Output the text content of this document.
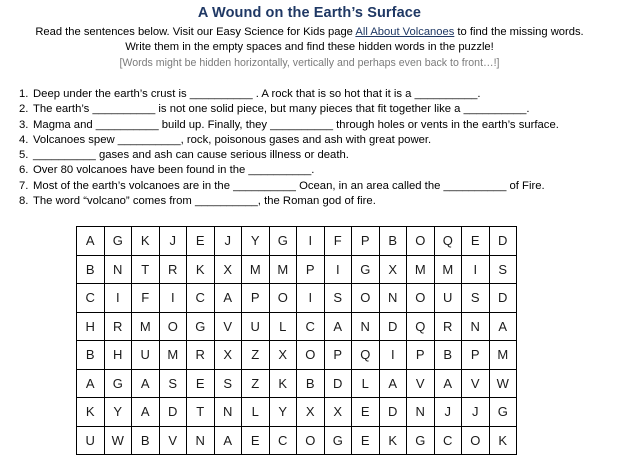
A Wound on the Earth’s Surface
Read the sentences below. Visit our Easy Science for Kids page All About Volcanoes to find the missing words.
Write them in the empty spaces and find these hidden words in the puzzle!
[Words might be hidden horizontally, vertically and perhaps even back to front…!]
1. Deep under the earth’s crust is __________ . A rock that is so hot that it is a __________.
2. The earth’s __________ is not one solid piece, but many pieces that fit together like a __________.
3. Magma and __________ build up. Finally, they __________ through holes or vents in the earth’s surface.
4. Volcanoes spew __________, rock, poisonous gases and ash with great power.
5. __________ gases and ash can cause serious illness or death.
6. Over 80 volcanoes have been found in the __________.
7. Most of the earth’s volcanoes are in the __________ Ocean, in an area called the __________ of Fire.
8. The word “volcano” comes from __________, the Roman god of fire.
A	G	K	J	E	J	Y	G	I	F	P	B	O	Q	E	D
B	N	T	R	K	X	M	M	P	I	G	X	M	M	I	S
C	I	F	I	C	A	P	O	I	S	O	N	O	U	S	D
H	R	M	O	G	V	U	L	C	A	N	D	Q	R	N	A
B	H	U	M	R	X	Z	X	O	P	Q	I	P	B	P	M
A	G	A	S	E	S	Z	K	B	D	L	A	V	A	V	W
K	Y	A	D	T	N	L	Y	X	X	E	D	N	J	J	G
U	W	B	V	N	A	E	C	O	G	E	K	G	C	O	K
